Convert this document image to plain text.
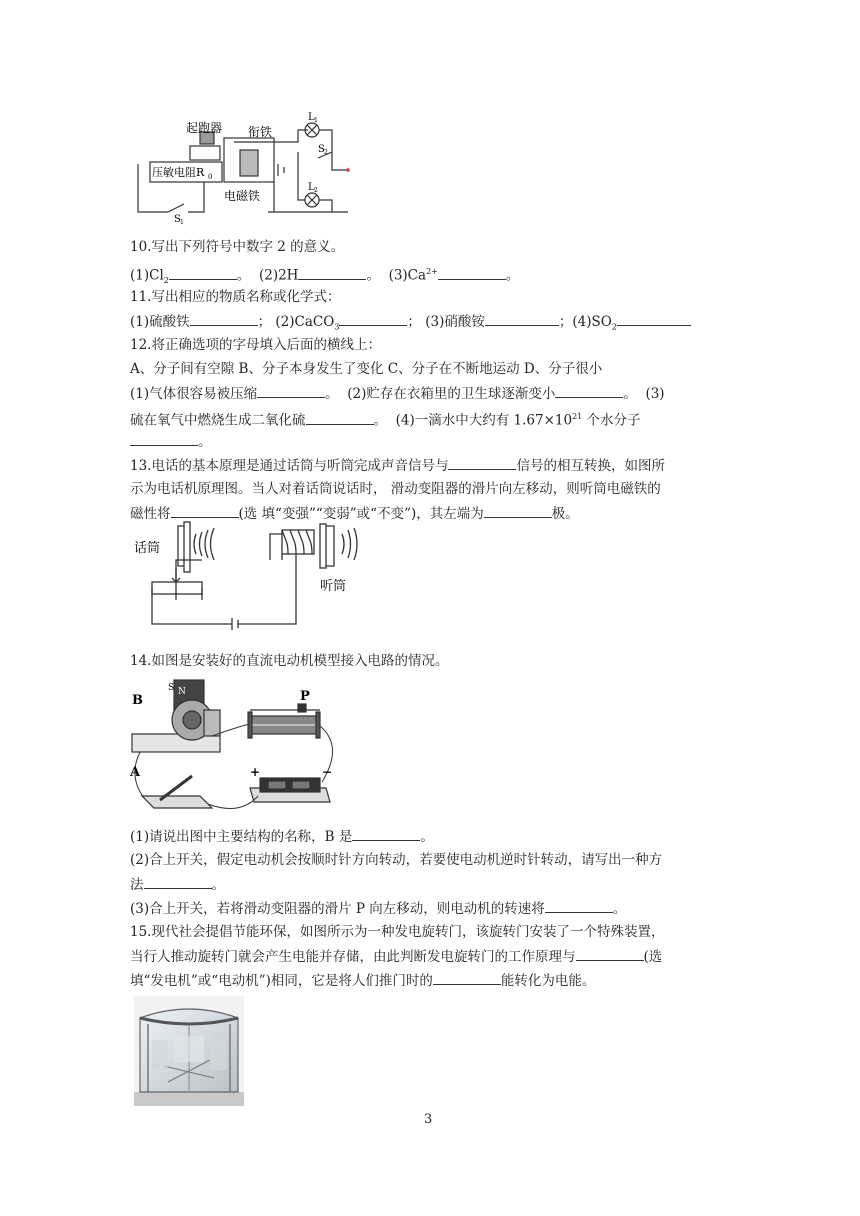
起跑器 衔铁
压敏电阻R 0
电磁铁
L 1
L 2
S 1
S 2
10.写出下列符号中数字 2 的意义。
$(1)Cl_2$	。 (2)2H	。 $(3)Ca^{2+}$	。
11.写出相应的物质名称或化学式：
(1)硫酸铁	； (2)CaCO$_3$	； (3)硝酸铵	；$(4)SO_2$
12.将正确选项的字母填入后面的横线上：
A、分子间有空隙 B、分子本身发生了变化 C、分子在不断地运动 D、分子很小
(1)气体很容易被压缩	。 (2)贮存在衣箱里的卫生球逐渐变小	。 (3)
硫在氧气中燃烧生成二氧化硫	。 (4)一滴水中大约有 $1.67\times 10^{21}$ 个水分子
。
13.电话的基本原理是通过话筒与听筒完成声音信号与	信号的相互转换，如图所
示为电话机原理图。当人对着话筒说话时， 滑动变阻器的滑片向左移动，则听筒电磁铁的
磁性将	(选 填“变强”“变弱”或“不变”)，其左端为	极。
话筒
听筒
14.如图是安装好的直流电动机模型接入电路的情况。
B
A
P
S N
+	−
(1)请说出图中主要结构的名称，B 是	。
(2)合上开关，假定电动机会按顺时针方向转动，若要使电动机逆时针转动，请写出一种方
法	。
(3)合上开关，若将滑动变阻器的滑片 P 向左移动，则电动机的转速将	。
15.现代社会提倡节能环保，如图所示为一种发电旋转门，该旋转门安装了一个特殊装置，
当行人推动旋转门就会产生电能并存储，由此判断发电旋转门的工作原理与	(选
填“发电机”或“电动机”)相同，它是将人们推门时的	能转化为电能。
3
